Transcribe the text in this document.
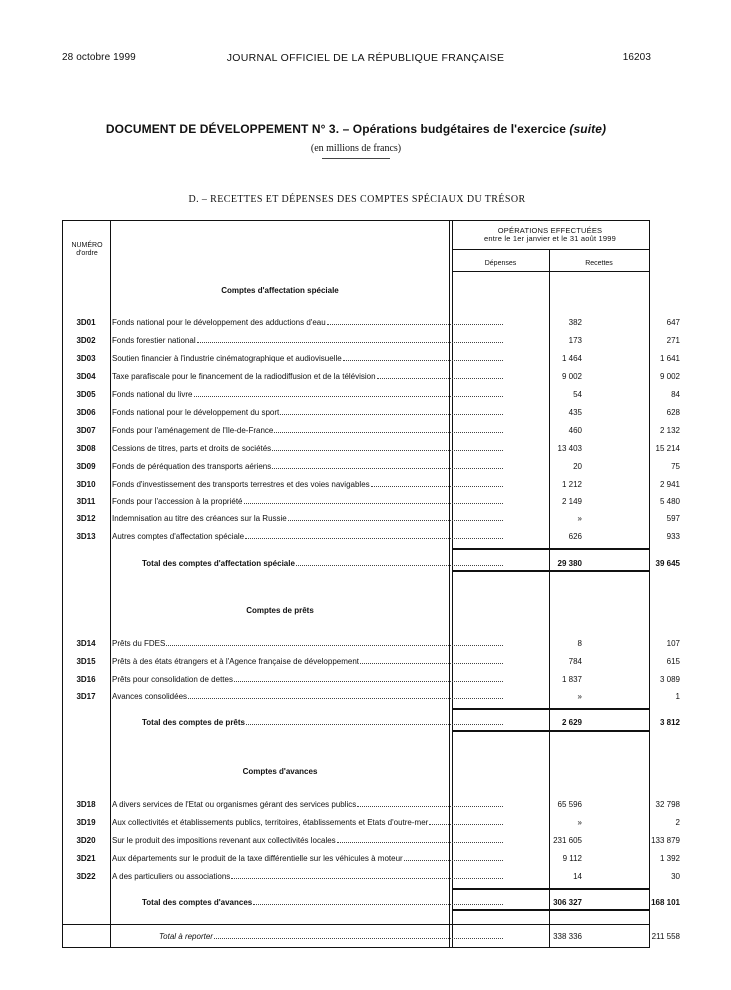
28 octobre 1999	JOURNAL OFFICIEL DE LA RÉPUBLIQUE FRANÇAISE	16203
DOCUMENT DE DÉVELOPPEMENT N° 3. – Opérations budgétaires de l'exercice (suite)
(en millions de francs)
D. – RECETTES ET DÉPENSES DES COMPTES SPÉCIAUX DU TRÉSOR
NUMÉRO
d'ordre
OPÉRATIONS EFFECTUÉES
entre le 1er janvier et le 31 août 1999
Dépenses	Recettes
Comptes d'affectation spéciale
3D01	Fonds national pour le développement des adductions d'eau	382	647
3D02	Fonds forestier national	173	271
3D03	Soutien financier à l'industrie cinématographique et audiovisuelle	1 464	1 641
3D04	Taxe parafiscale pour le financement de la radiodiffusion et de la télévision	9 002	9 002
3D05	Fonds national du livre	54	84
3D06	Fonds national pour le développement du sport	435	628
3D07	Fonds pour l'aménagement de l'Ile-de-France	460	2 132
3D08	Cessions de titres, parts et droits de sociétés	13 403	15 214
3D09	Fonds de péréquation des transports aériens	20	75
3D10	Fonds d'investissement des transports terrestres et des voies navigables	1 212	2 941
3D11	Fonds pour l'accession à la propriété	2 149	5 480
3D12	Indemnisation au titre des créances sur la Russie	»	597
3D13	Autres comptes d'affectation spéciale	626	933
Total des comptes d'affectation spéciale	29 380	39 645
Comptes de prêts
3D14	Prêts du FDES	8	107
3D15	Prêts à des états étrangers et à l'Agence française de développement	784	615
3D16	Prêts pour consolidation de dettes	1 837	3 089
3D17	Avances consolidées	»	1
Total des comptes de prêts	2 629	3 812
Comptes d'avances
3D18	A divers services de l'Etat ou organismes gérant des services publics	65 596	32 798
3D19	Aux collectivités et établissements publics, territoires, établissements et Etats d'outre-mer	»	2
3D20	Sur le produit des impositions revenant aux collectivités locales	231 605	133 879
3D21	Aux départements sur le produit de la taxe différentielle sur les véhicules à moteur	9 112	1 392
3D22	A des particuliers ou associations	14	30
Total des comptes d'avances	306 327	168 101
Total à reporter	338 336	211 558
